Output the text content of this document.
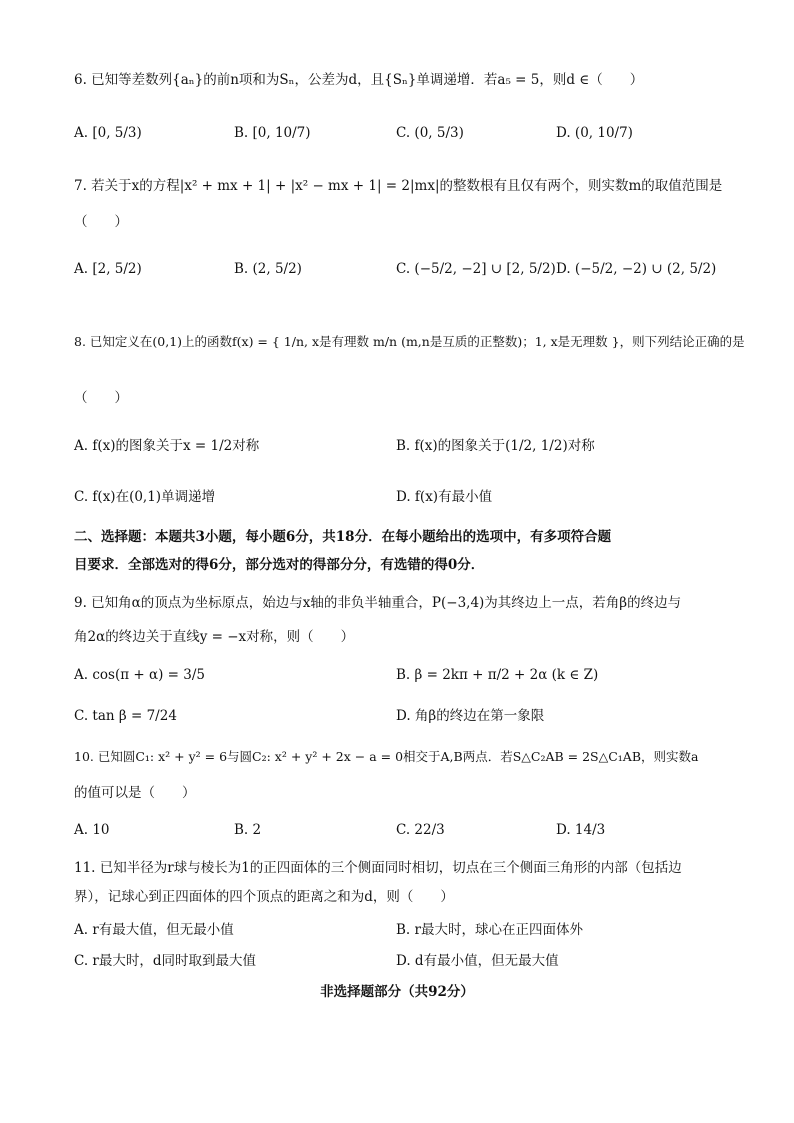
6. 已知等差数列{aₙ}的前n项和为Sₙ，公差为d，且{Sₙ}单调递增．若a₅ = 5，则d ∈（　　）
A. [0, 5/3)	B. [0, 10/7)	C. (0, 5/3)	D. (0, 10/7)
7. 若关于x的方程|x² + mx + 1| + |x² − mx + 1| = 2|mx|的整数根有且仅有两个，则实数m的取值范围是
（　　）
A. [2, 5/2)	B. (2, 5/2)	C. (−5/2, −2] ∪ [2, 5/2) D. (−5/2, −2) ∪ (2, 5/2)
8. 已知定义在(0,1)上的函数f(x) = { 1/n, x是有理数 m/n (m,n是互质的正整数)；1, x是无理数 }，则下列结论正确的是
（　　）
A. f(x)的图象关于x = 1/2对称	B. f(x)的图象关于(1/2, 1/2)对称
C. f(x)在(0,1)单调递增	D. f(x)有最小值
二、选择题：本题共3小题，每小题6分，共18分．在每小题给出的选项中，有多项符合题
目要求．全部选对的得6分，部分选对的得部分分，有选错的得0分．
9. 已知角α的顶点为坐标原点，始边与x轴的非负半轴重合，P(−3,4)为其终边上一点，若角β的终边与
角2α的终边关于直线y = −x对称，则（　　）
A. cos(π + α) = 3/5	B. β = 2kπ + π/2 + 2α (k ∈ Z)
C. tan β = 7/24	D. 角β的终边在第一象限
10. 已知圆C₁: x² + y² = 6与圆C₂: x² + y² + 2x − a = 0相交于A,B两点．若S△C₂AB = 2S△C₁AB，则实数a
的值可以是（　　）
A. 10	B. 2	C. 22/3	D. 14/3
11. 已知半径为r球与棱长为1的正四面体的三个侧面同时相切，切点在三个侧面三角形的内部（包括边
界），记球心到正四面体的四个顶点的距离之和为d，则（　　）
A. r有最大值，但无最小值	B. r最大时，球心在正四面体外
C. r最大时，d同时取到最大值	D. d有最小值，但无最大值
非选择题部分（共92分）
